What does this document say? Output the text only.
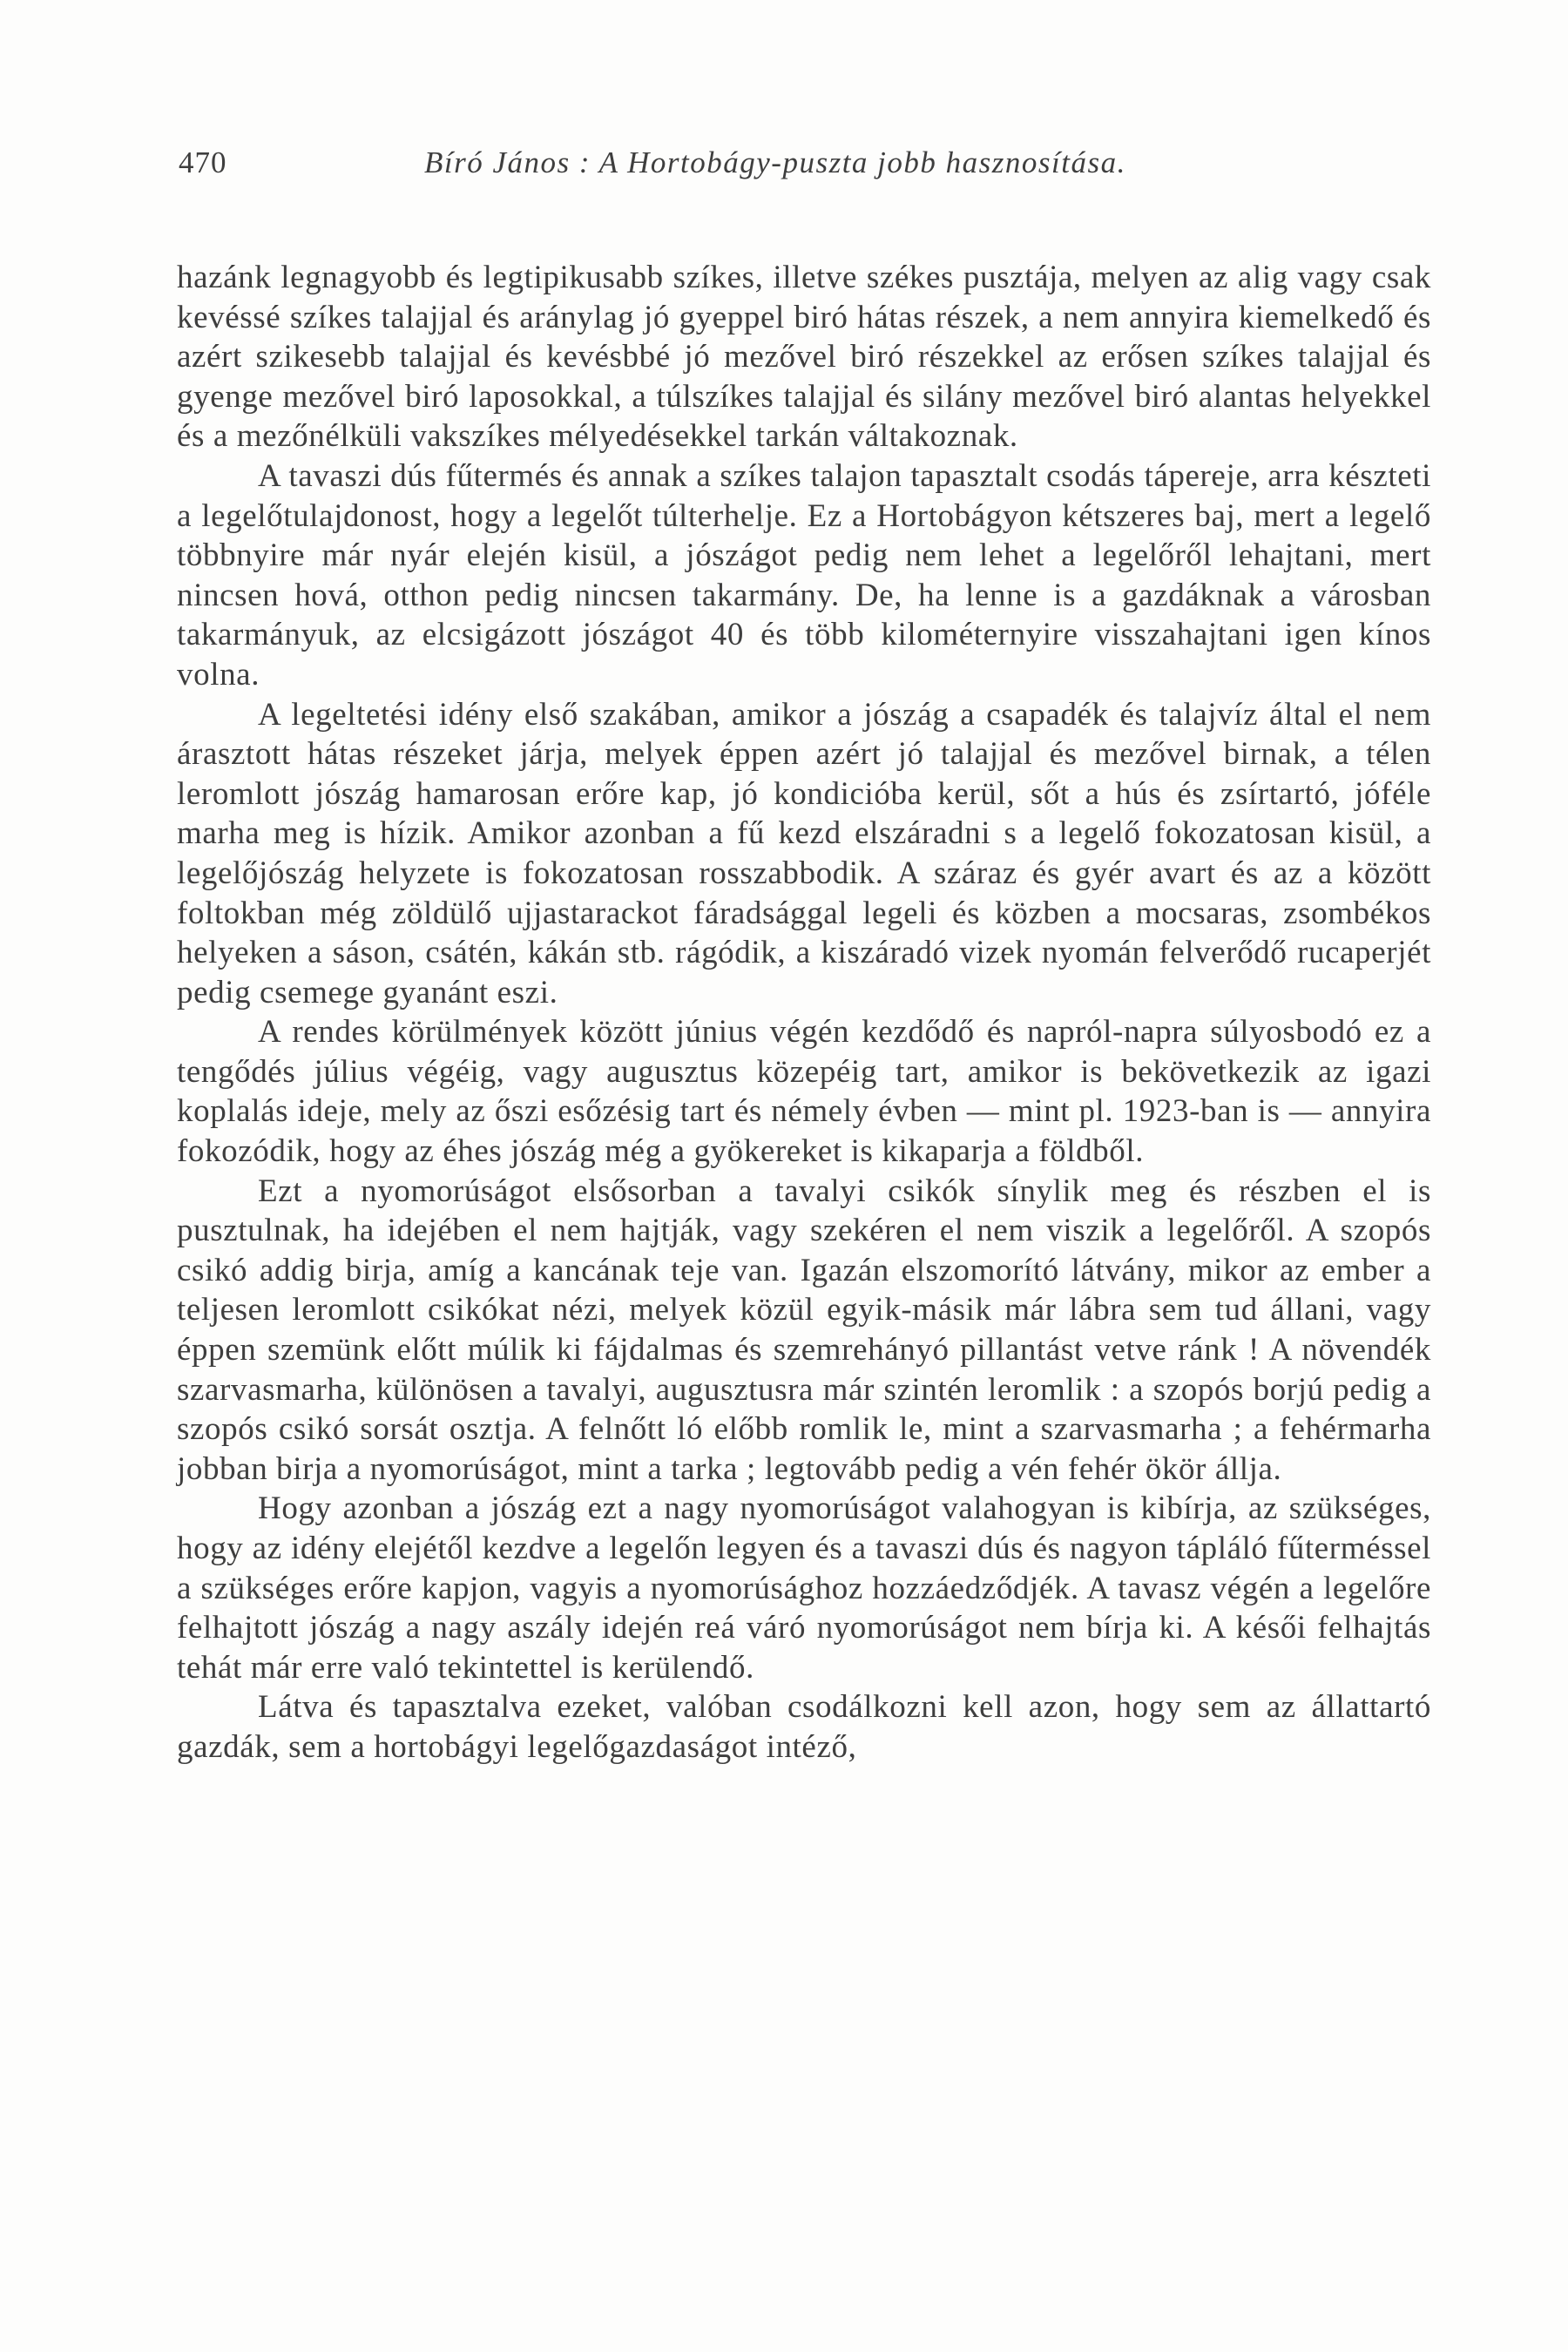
470	Bíró János : A Hortobágy-puszta jobb hasznosítása.

hazánk legnagyobb és legtipikusabb szíkes, illetve székes pusztája, melyen az alig vagy csak kevéssé szíkes talajjal és aránylag jó gyeppel biró hátas részek, a nem annyira kiemelkedő és azért szikesebb talajjal és kevésbbé jó mezővel biró részekkel az erősen szíkes talajjal és gyenge mezővel biró laposokkal, a túlszíkes talajjal és silány mezővel biró alantas helyekkel és a mezőnélküli vakszíkes mélyedésekkel tarkán váltakoznak.

A tavaszi dús fűtermés és annak a szíkes talajon tapasztalt csodás tápereje, arra készteti a legelőtulajdonost, hogy a legelőt túlterhelje. Ez a Hortobágyon kétszeres baj, mert a legelő többnyire már nyár elején kisül, a jószágot pedig nem lehet a legelőről lehajtani, mert nincsen hová, otthon pedig nincsen takarmány. De, ha lenne is a gazdáknak a városban takarmányuk, az elcsigázott jószágot 40 és több kilométernyire visszahajtani igen kínos volna.

A legeltetési idény első szakában, amikor a jószág a csapadék és talajvíz által el nem árasztott hátas részeket járja, melyek éppen azért jó talajjal és mezővel birnak, a télen leromlott jószág hamarosan erőre kap, jó kondicióba kerül, sőt a hús és zsírtartó, jóféle marha meg is hízik. Amikor azonban a fű kezd elszáradni s a legelő fokozatosan kisül, a legelőjószág helyzete is fokozatosan rosszabbodik. A száraz és gyér avart és az a között foltokban még zöldülő ujjastarackot fáradsággal legeli és közben a mocsaras, zsombékos helyeken a sáson, csátén, kákán stb. rágódik, a kiszáradó vizek nyomán felverődő rucaperjét pedig csemege gyanánt eszi.

A rendes körülmények között június végén kezdődő és napról-napra súlyosbodó ez a tengődés július végéig, vagy augusztus közepéig tart, amikor is bekövetkezik az igazi koplalás ideje, mely az őszi esőzésig tart és némely évben — mint pl. 1923-ban is — annyira fokozódik, hogy az éhes jószág még a gyökereket is kikaparja a földből.

Ezt a nyomorúságot elsősorban a tavalyi csikók sínylik meg és részben el is pusztulnak, ha idejében el nem hajtják, vagy szekéren el nem viszik a legelőről. A szopós csikó addig birja, amíg a kancának teje van. Igazán elszomorító látvány, mikor az ember a teljesen leromlott csikókat nézi, melyek közül egyik-másik már lábra sem tud állani, vagy éppen szemünk előtt múlik ki fájdalmas és szemrehányó pillantást vetve ránk ! A növendék szarvasmarha, különösen a tavalyi, augusztusra már szintén leromlik : a szopós borjú pedig a szopós csikó sorsát osztja. A felnőtt ló előbb romlik le, mint a szarvasmarha ; a fehérmarha jobban birja a nyomorúságot, mint a tarka ; legtovább pedig a vén fehér ökör állja.

Hogy azonban a jószág ezt a nagy nyomorúságot valahogyan is kibírja, az szükséges, hogy az idény elejétől kezdve a legelőn legyen és a tavaszi dús és nagyon tápláló fűterméssel a szükséges erőre kapjon, vagyis a nyomorúsághoz hozzáedződjék. A tavasz végén a legelőre felhajtott jószág a nagy aszály idején reá váró nyomorúságot nem bírja ki. A késői felhajtás tehát már erre való tekintettel is kerülendő.

Látva és tapasztalva ezeket, valóban csodálkozni kell azon, hogy sem az állattartó gazdák, sem a hortobágyi legelőgazdaságot intéző,
